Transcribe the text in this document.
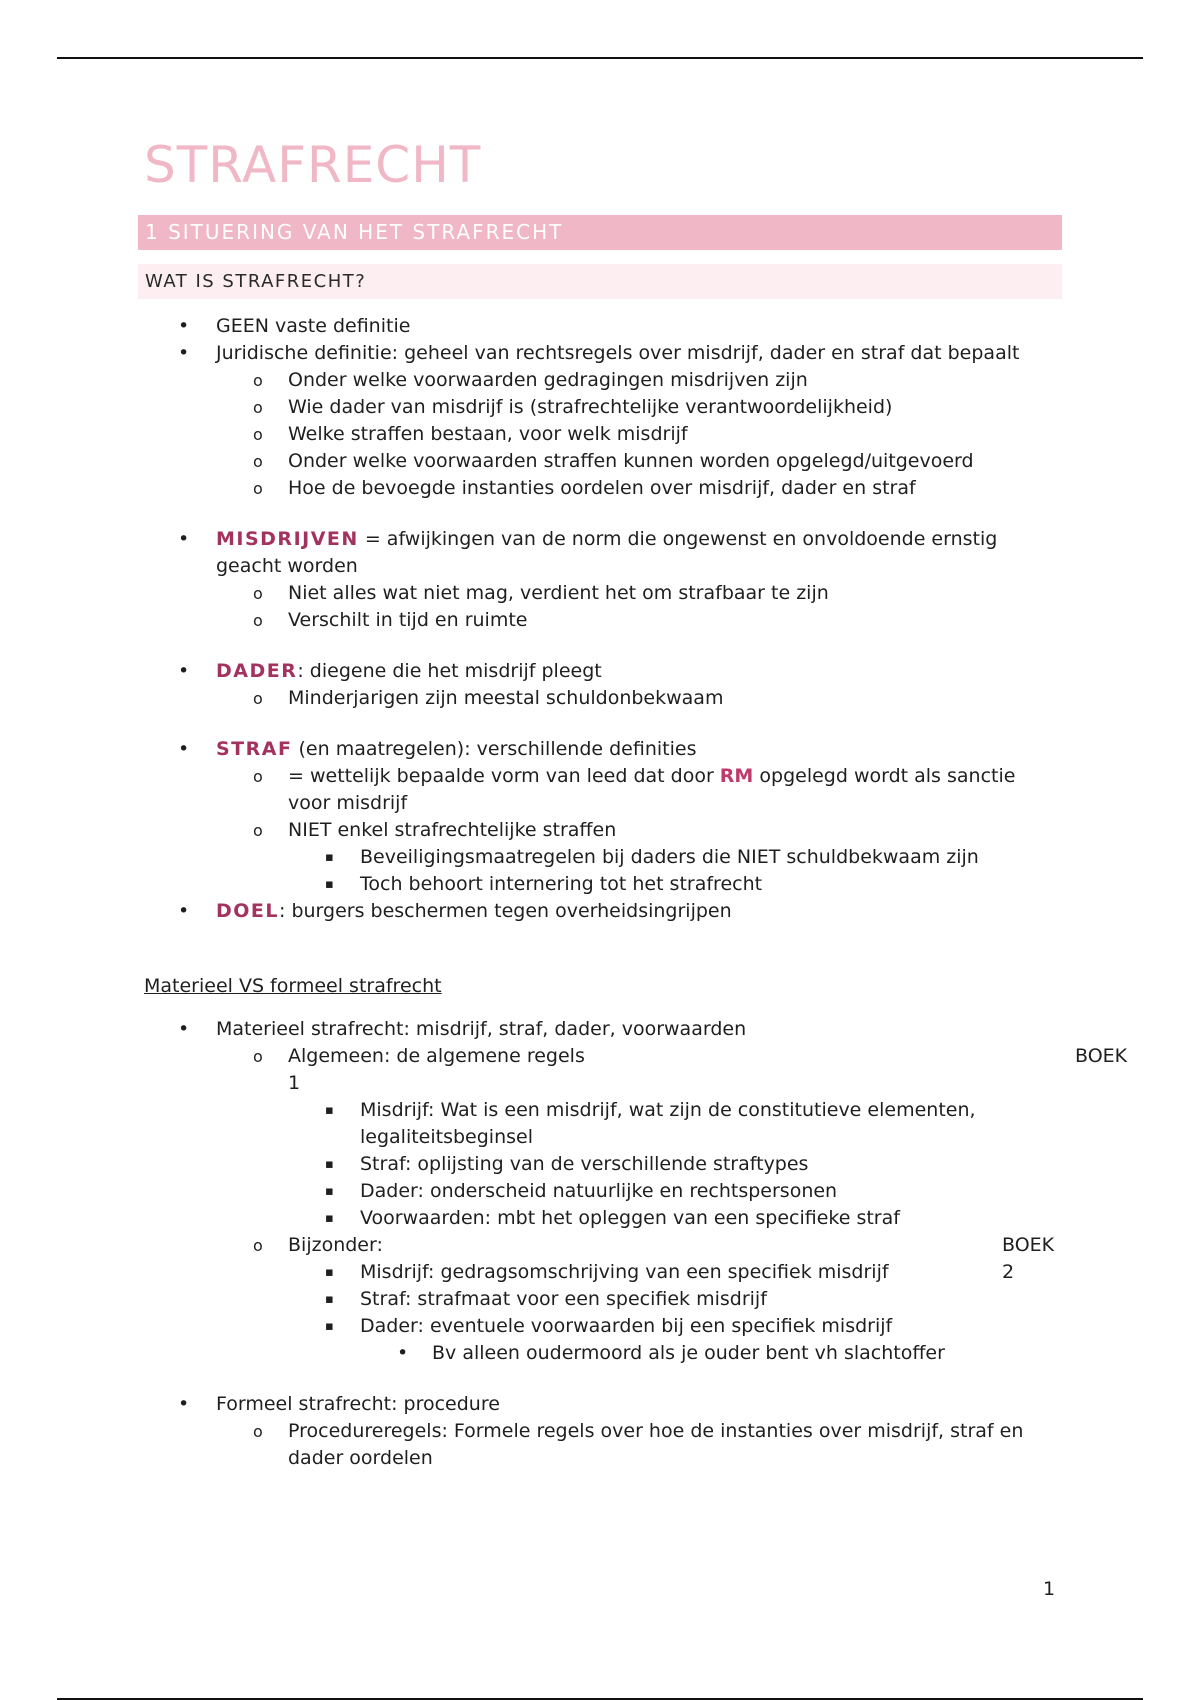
STRAFRECHT
1 SITUERING VAN HET STRAFRECHT
WAT IS STRAFRECHT?
• GEEN vaste definitie
• Juridische definitie: geheel van rechtsregels over misdrijf, dader en straf dat bepaalt
o Onder welke voorwaarden gedragingen misdrijven zijn
o Wie dader van misdrijf is (strafrechtelijke verantwoordelijkheid)
o Welke straffen bestaan, voor welk misdrijf
o Onder welke voorwaarden straffen kunnen worden opgelegd/uitgevoerd
o Hoe de bevoegde instanties oordelen over misdrijf, dader en straf
• MISDRIJVEN = afwijkingen van de norm die ongewenst en onvoldoende ernstig geacht worden
o Niet alles wat niet mag, verdient het om strafbaar te zijn
o Verschilt in tijd en ruimte
• DADER: diegene die het misdrijf pleegt
o Minderjarigen zijn meestal schuldonbekwaam
• STRAF (en maatregelen): verschillende definities
o = wettelijk bepaalde vorm van leed dat door RM opgelegd wordt als sanctie voor misdrijf
o NIET enkel strafrechtelijke straffen
▪ Beveiligingsmaatregelen bij daders die NIET schuldbekwaam zijn
▪ Toch behoort internering tot het strafrecht
• DOEL: burgers beschermen tegen overheidsingrijpen
Materieel VS formeel strafrecht
• Materieel strafrecht: misdrijf, straf, dader, voorwaarden
o Algemeen: de algemene regels	BOEK

1
▪ Misdrijf: Wat is een misdrijf, wat zijn de constitutieve elementen, legaliteitsbeginsel
▪ Straf: oplijsting van de verschillende straftypes
▪ Dader: onderscheid natuurlijke en rechtspersonen
▪ Voorwaarden: mbt het opleggen van een specifieke straf
o Bijzonder:	BOEK 2
▪ Misdrijf: gedragsomschrijving van een specifiek misdrijf
▪ Straf: strafmaat voor een specifiek misdrijf
▪ Dader: eventuele voorwaarden bij een specifiek misdrijf
• Bv alleen oudermoord als je ouder bent vh slachtoffer
• Formeel strafrecht: procedure
o Procedureregels: Formele regels over hoe de instanties over misdrijf, straf en dader oordelen
1
